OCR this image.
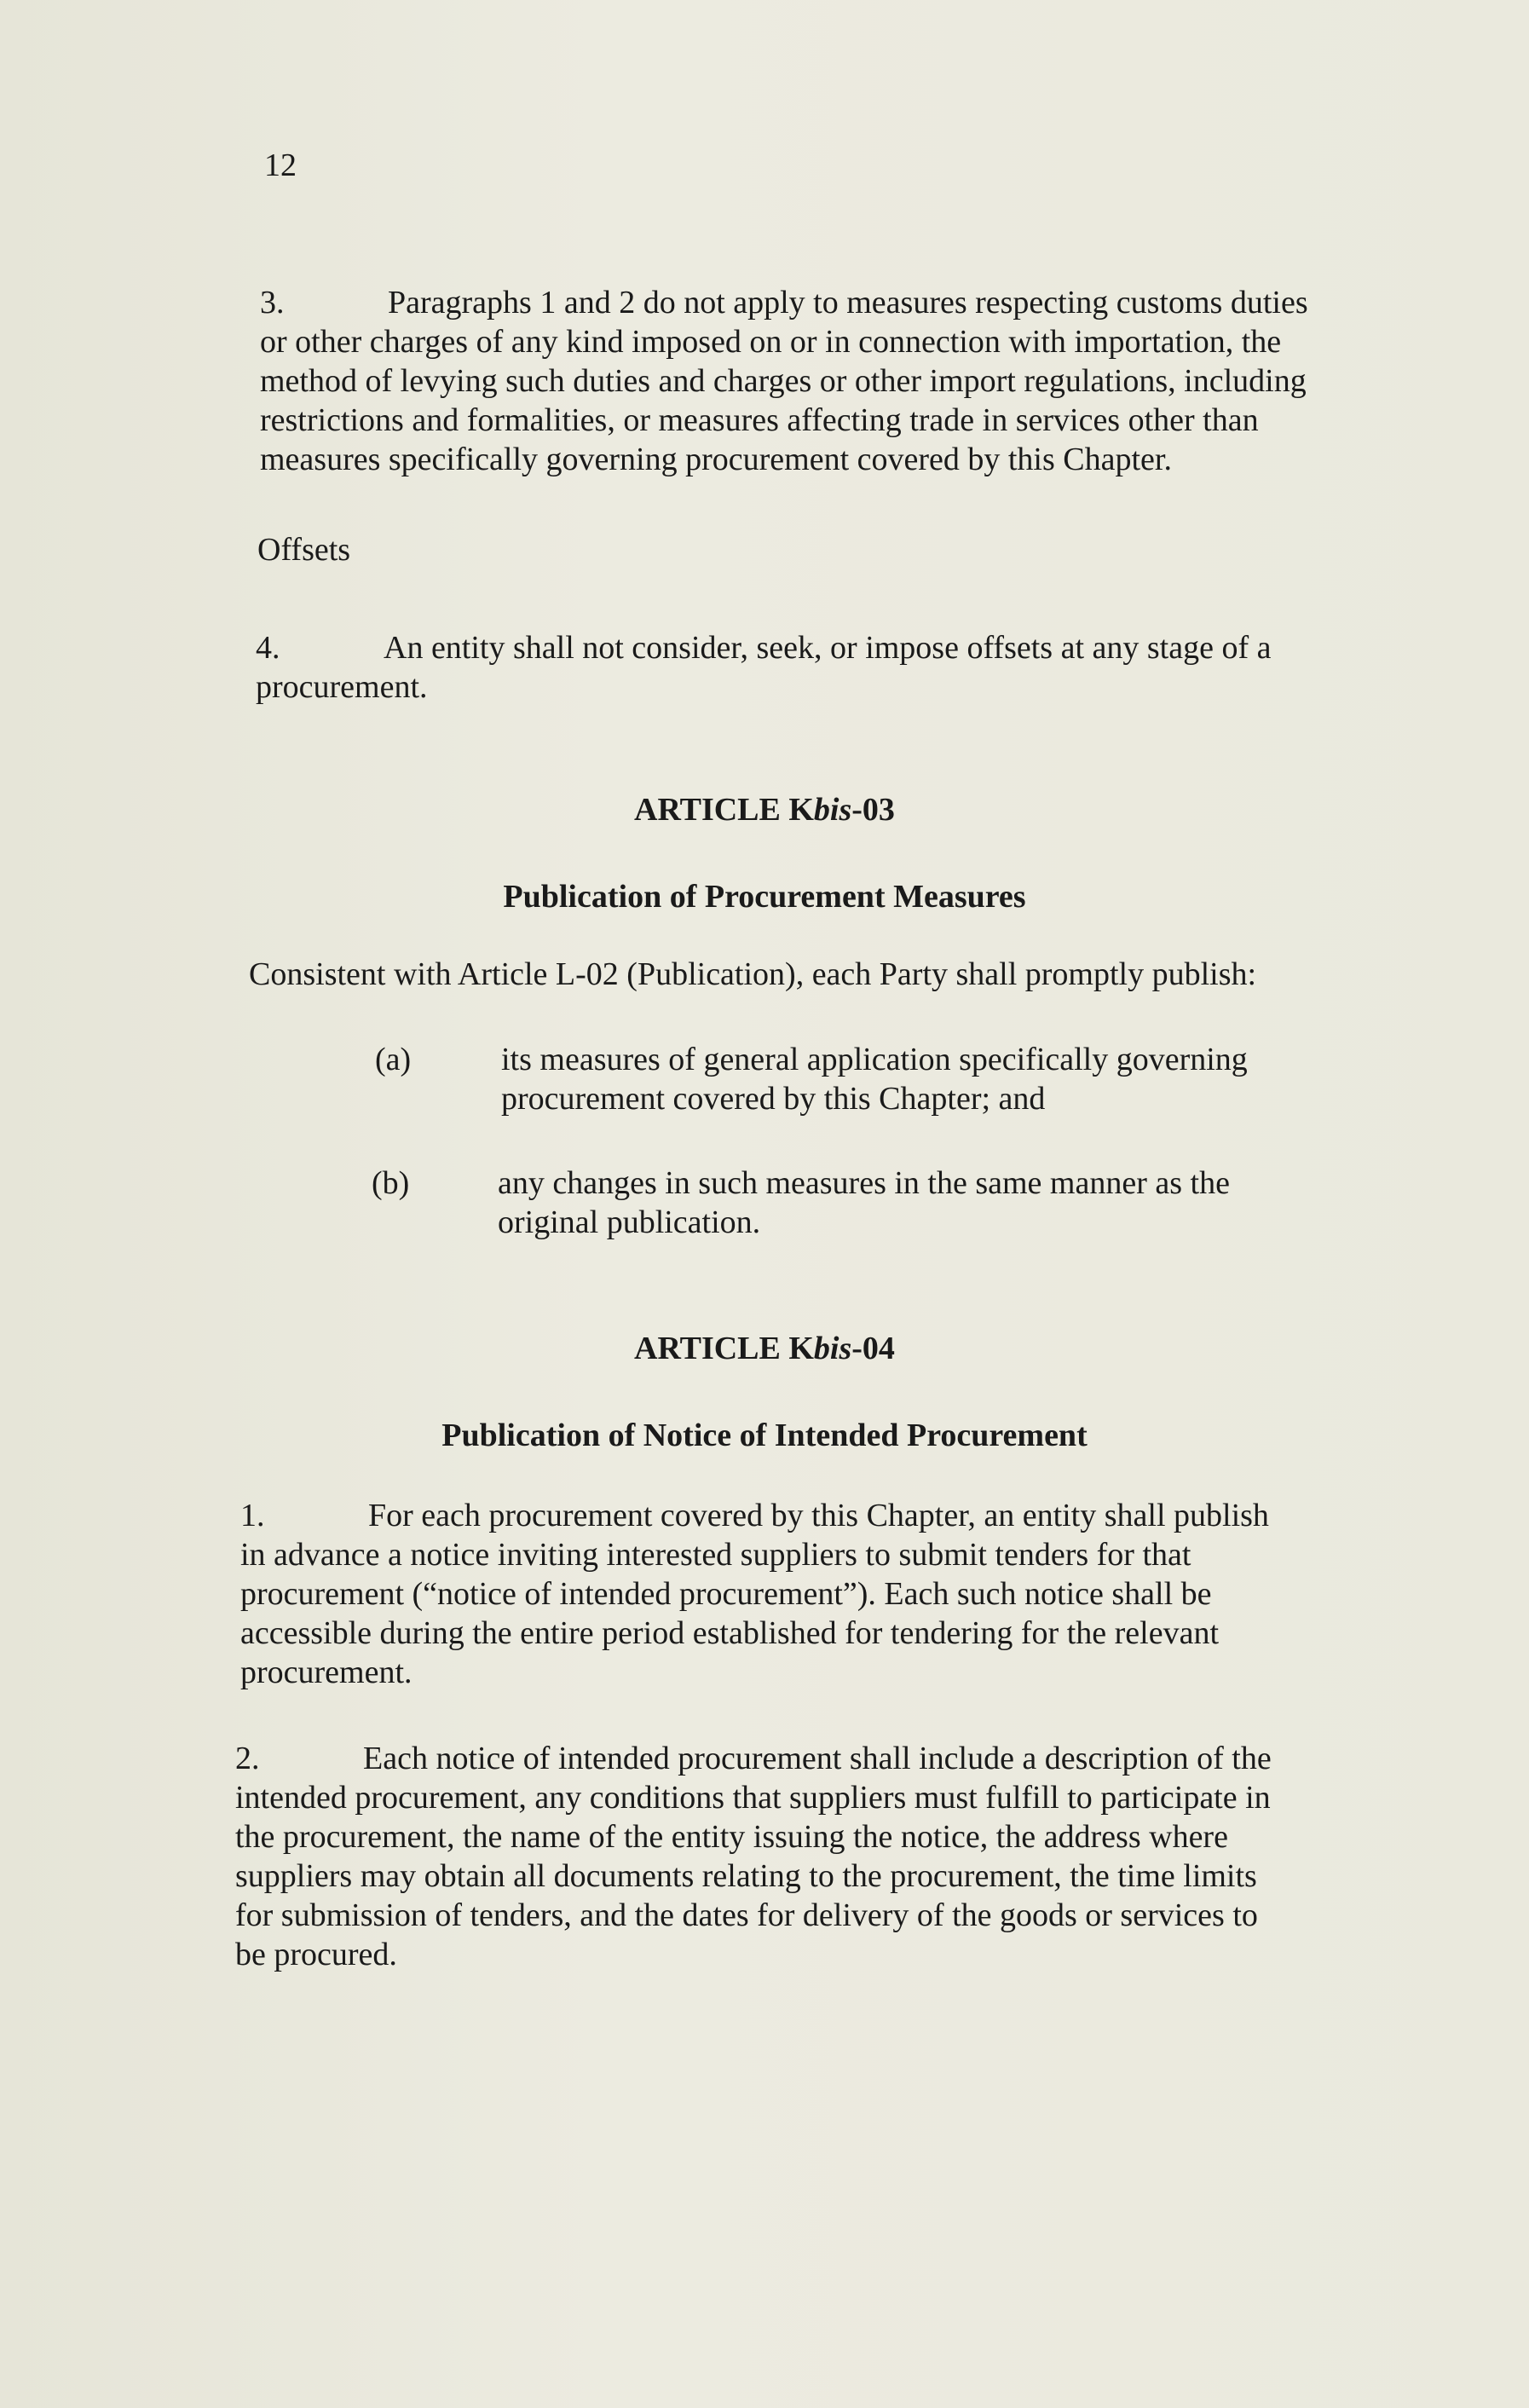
12
3.	Paragraphs 1 and 2 do not apply to measures respecting customs duties
or other charges of any kind imposed on or in connection with importation, the
method of levying such duties and charges or other import regulations, including
restrictions and formalities, or measures affecting trade in services other than
measures specifically governing procurement covered by this Chapter.
Offsets
4.	An entity shall not consider, seek, or impose offsets at any stage of a
procurement.
ARTICLE Kbis-03
Publication of Procurement Measures
Consistent with Article L-02 (Publication), each Party shall promptly publish:
(a)	its measures of general application specifically governing
procurement covered by this Chapter; and
(b)	any changes in such measures in the same manner as the
original publication.
ARTICLE Kbis-04
Publication of Notice of Intended Procurement
1.	For each procurement covered by this Chapter, an entity shall publish
in advance a notice inviting interested suppliers to submit tenders for that
procurement (“notice of intended procurement”). Each such notice shall be
accessible during the entire period established for tendering for the relevant
procurement.
2.	Each notice of intended procurement shall include a description of the
intended procurement, any conditions that suppliers must fulfill to participate in
the procurement, the name of the entity issuing the notice, the address where
suppliers may obtain all documents relating to the procurement, the time limits
for submission of tenders, and the dates for delivery of the goods or services to
be procured.
